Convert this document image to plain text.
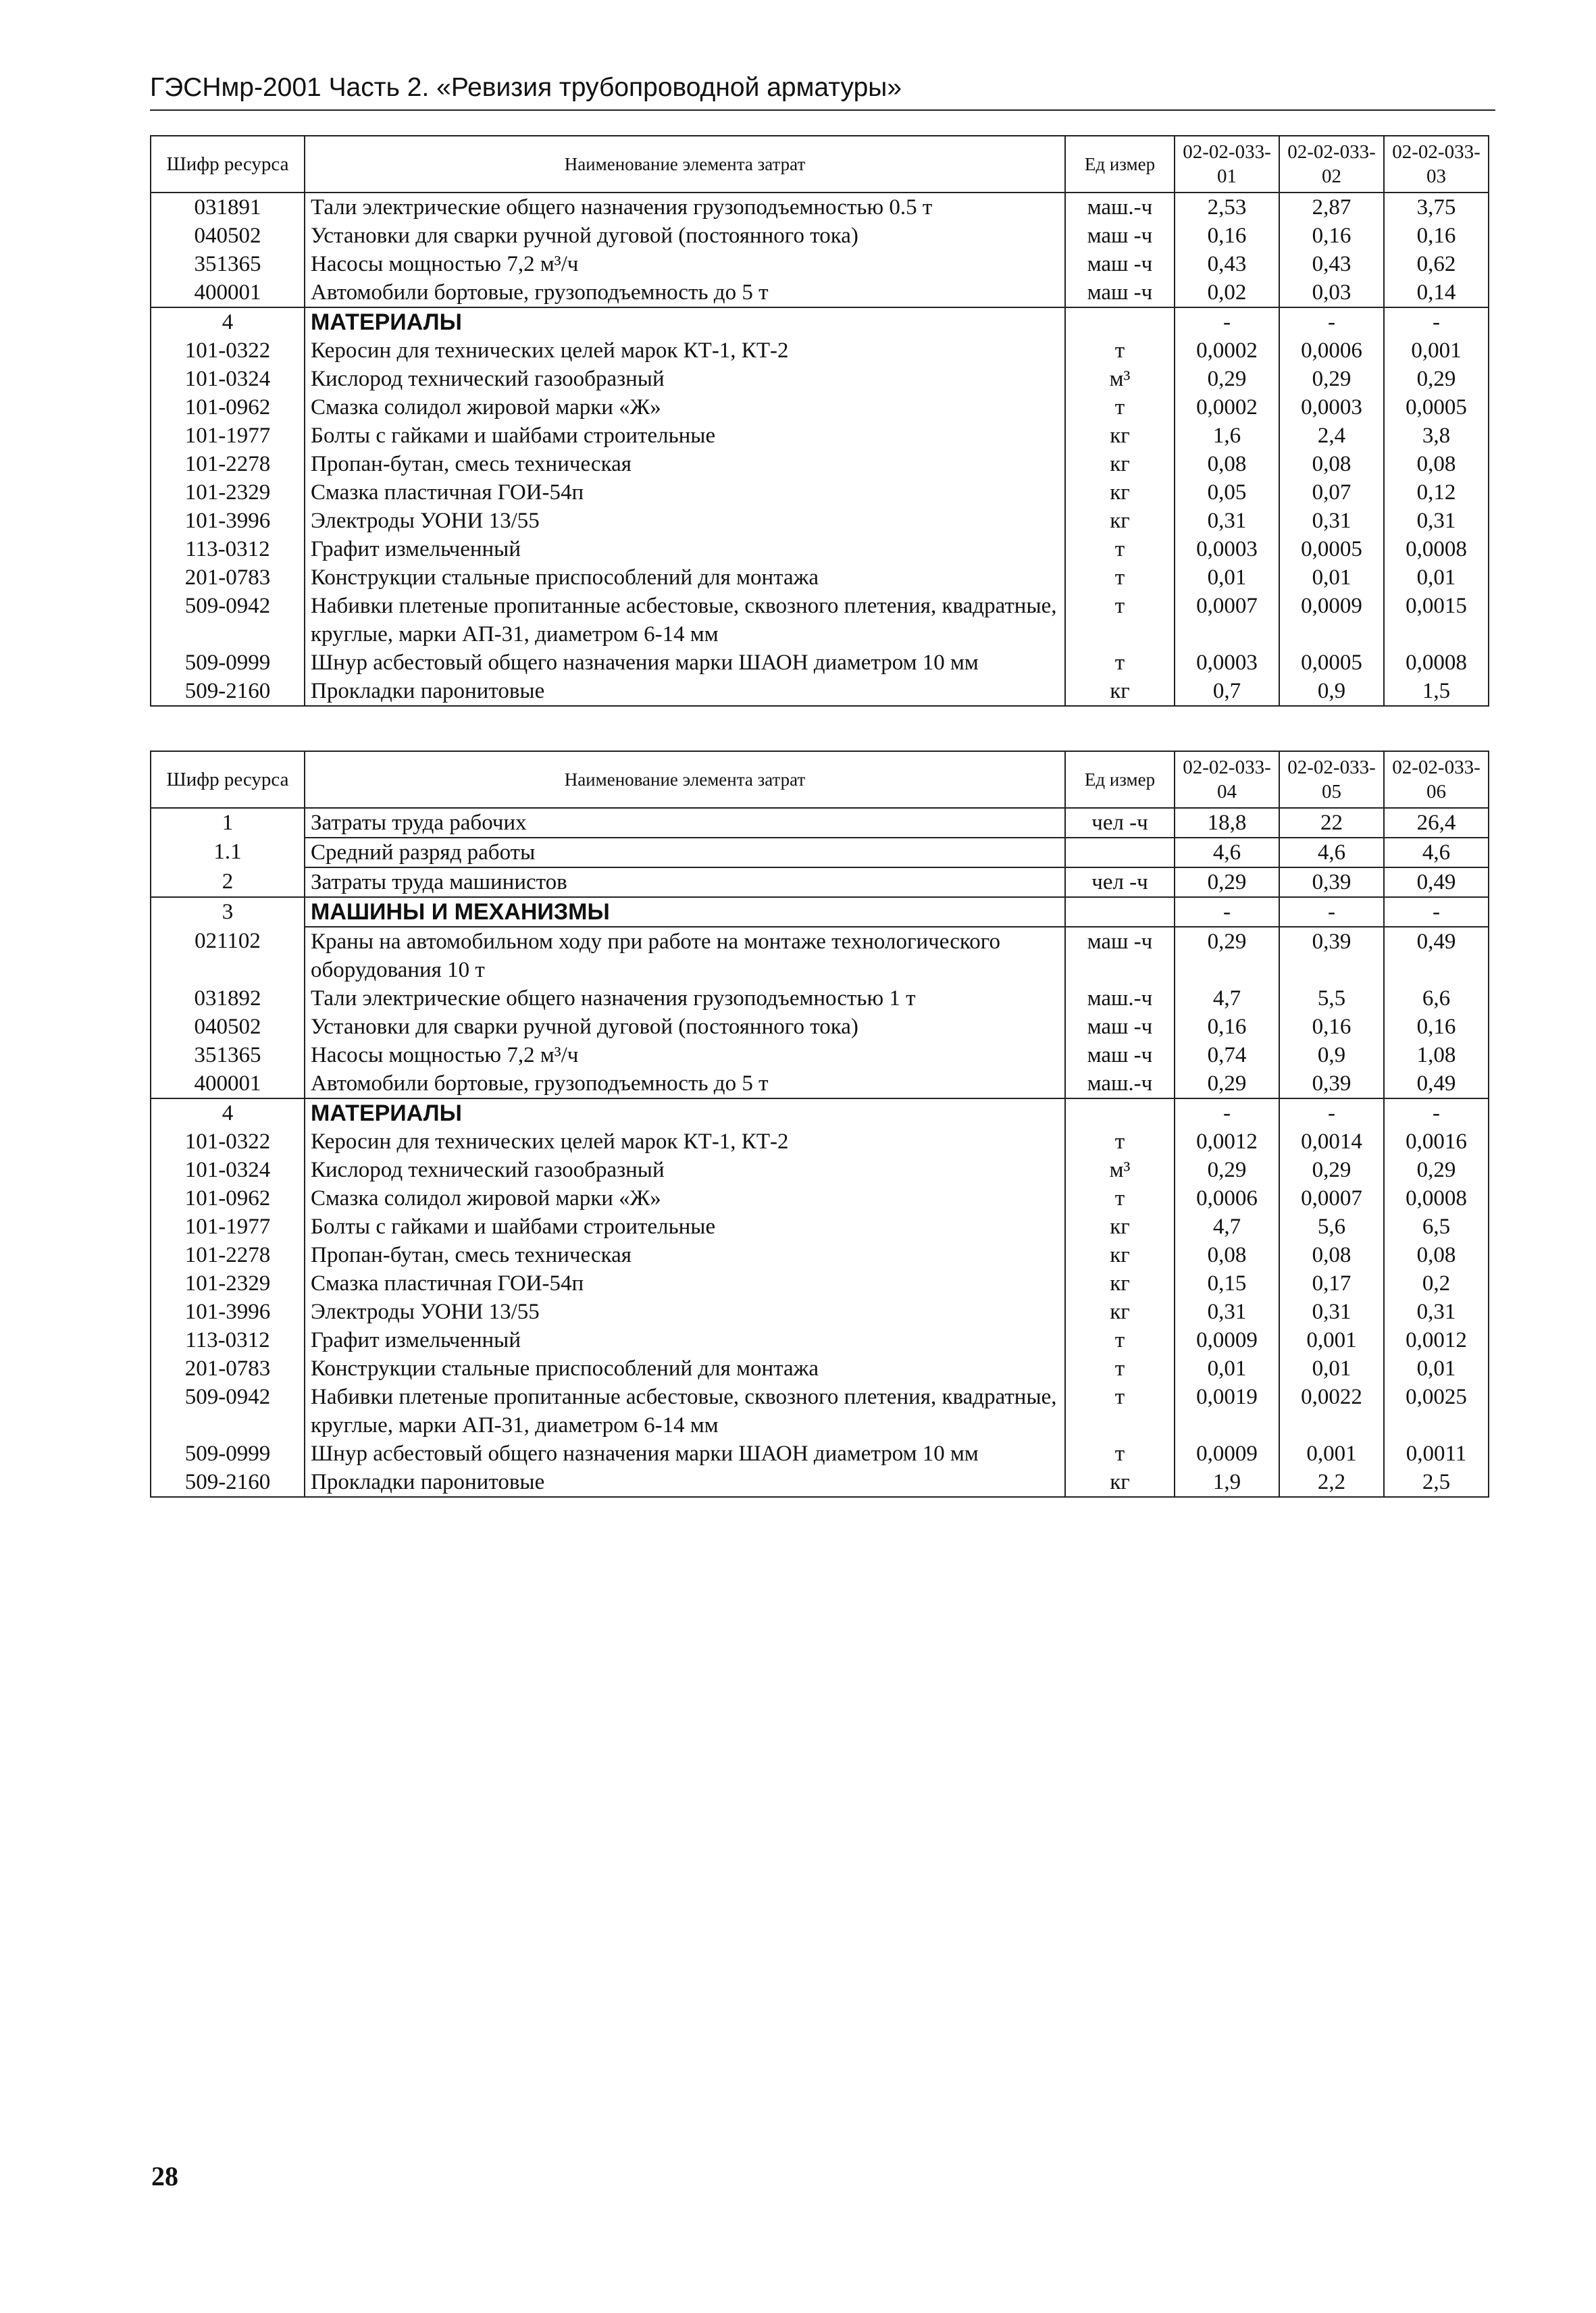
ГЭСНмр-2001 Часть 2. «Ревизия трубопроводной арматуры»
Шифр ресурса	Наименование элемента затрат	Ед измер	02-02-033-01	02-02-033-02	02-02-033-03
031891	Тали электрические общего назначения грузоподъемностью 0.5 т	маш.-ч	2,53	2,87	3,75
040502	Установки для сварки ручной дуговой (постоянного тока)	маш -ч	0,16	0,16	0,16
351365	Насосы мощностью 7,2 м³/ч	маш -ч	0,43	0,43	0,62
400001	Автомобили бортовые, грузоподъемность до 5 т	маш -ч	0,02	0,03	0,14
4	МАТЕРИАЛЫ		-	-	-
101-0322	Керосин для технических целей марок КТ-1, КТ-2	т	0,0002	0,0006	0,001
101-0324	Кислород технический газообразный	м³	0,29	0,29	0,29
101-0962	Смазка солидол жировой марки «Ж»	т	0,0002	0,0003	0,0005
101-1977	Болты с гайками и шайбами строительные	кг	1,6	2,4	3,8
101-2278	Пропан-бутан, смесь техническая	кг	0,08	0,08	0,08
101-2329	Смазка пластичная ГОИ-54п	кг	0,05	0,07	0,12
101-3996	Электроды УОНИ 13/55	кг	0,31	0,31	0,31
113-0312	Графит измельченный	т	0,0003	0,0005	0,0008
201-0783	Конструкции стальные приспособлений для монтажа	т	0,01	0,01	0,01
509-0942	Набивки плетеные пропитанные асбестовые, сквозного плетения, квадратные, круглые, марки АП-31, диаметром 6-14 мм	т	0,0007	0,0009	0,0015
509-0999	Шнур асбестовый общего назначения марки ШАОН диаметром 10 мм	т	0,0003	0,0005	0,0008
509-2160	Прокладки паронитовые	кг	0,7	0,9	1,5
Шифр ресурса	Наименование элемента затрат	Ед измер	02-02-033-04	02-02-033-05	02-02-033-06
1	Затраты труда рабочих	чел -ч	18,8	22	26,4
1.1	Средний разряд работы		4,6	4,6	4,6
2	Затраты труда машинистов	чел -ч	0,29	0,39	0,49
3	МАШИНЫ И МЕХАНИЗМЫ		-	-	-
021102	Краны на автомобильном ходу при работе на монтаже технологического оборудования 10 т	маш -ч	0,29	0,39	0,49
031892	Тали электрические общего назначения грузоподъемностью 1 т	маш.-ч	4,7	5,5	6,6
040502	Установки для сварки ручной дуговой (постоянного тока)	маш -ч	0,16	0,16	0,16
351365	Насосы мощностью 7,2 м³/ч	маш -ч	0,74	0,9	1,08
400001	Автомобили бортовые, грузоподъемность до 5 т	маш.-ч	0,29	0,39	0,49
4	МАТЕРИАЛЫ		-	-	-
101-0322	Керосин для технических целей марок КТ-1, КТ-2	т	0,0012	0,0014	0,0016
101-0324	Кислород технический газообразный	м³	0,29	0,29	0,29
101-0962	Смазка солидол жировой марки «Ж»	т	0,0006	0,0007	0,0008
101-1977	Болты с гайками и шайбами строительные	кг	4,7	5,6	6,5
101-2278	Пропан-бутан, смесь техническая	кг	0,08	0,08	0,08
101-2329	Смазка пластичная ГОИ-54п	кг	0,15	0,17	0,2
101-3996	Электроды УОНИ 13/55	кг	0,31	0,31	0,31
113-0312	Графит измельченный	т	0,0009	0,001	0,0012
201-0783	Конструкции стальные приспособлений для монтажа	т	0,01	0,01	0,01
509-0942	Набивки плетеные пропитанные асбестовые, сквозного плетения, квадратные, круглые, марки АП-31, диаметром 6-14 мм	т	0,0019	0,0022	0,0025
509-0999	Шнур асбестовый общего назначения марки ШАОН диаметром 10 мм	т	0,0009	0,001	0,0011
509-2160	Прокладки паронитовые	кг	1,9	2,2	2,5
28
